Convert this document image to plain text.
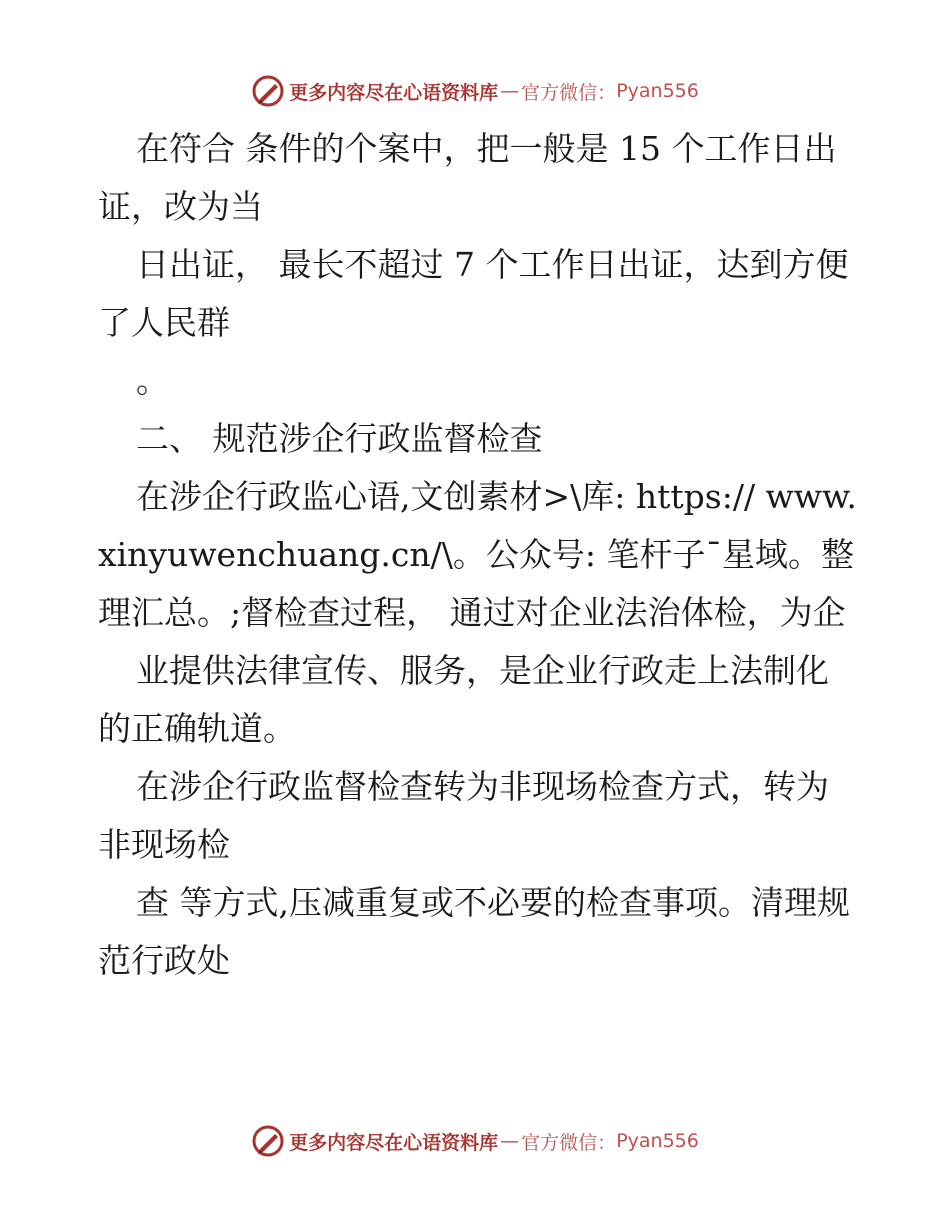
更多内容尽在心语资料库 — 官方微信： Pyan556

在符合 条件的个案中，把一般是 15 个工作日出证，改为当

日出证， 最长不超过 7 个工作日出证，达到方便了人民群

。

二、 规范涉企行政监督检查

在涉企行政监心语,文创素材>\库: https:// www.xinyuwenchuang.cn/\。公众号: 笔杆子¯星域。整理汇总。;督检查过程， 通过对企业法治体检，为企

业提供法律宣传、服务，是企业行政走上法制化的正确轨道。

在涉企行政监督检查转为非现场检查方式，转为非现场检

查 等方式,压减重复或不必要的检查事项。清理规范行政处

更多内容尽在心语资料库 — 官方微信： Pyan556
